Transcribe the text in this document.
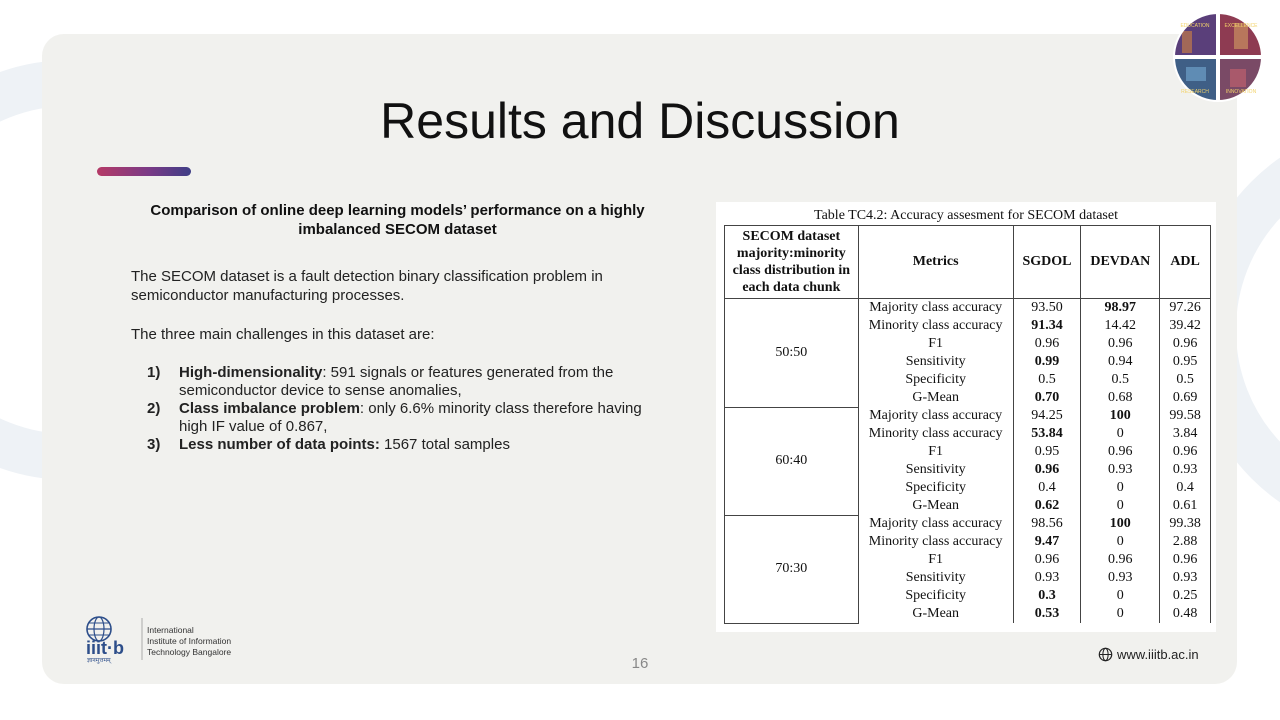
EDUCATION	EXCELLENCE
RESEARCH	INNOVATION
Results and Discussion
Comparison of online deep learning models’ performance on a highly imbalanced SECOM dataset
The SECOM dataset is a fault detection binary classification problem in semiconductor manufacturing processes.
The three main challenges in this dataset are:
1) High-dimensionality: 591 signals or features generated from the semiconductor device to sense anomalies,
2) Class imbalance problem: only 6.6% minority class therefore having high IF value of 0.867,
3) Less number of data points: 1567 total samples
Table TC4.2: Accuracy assesment for SECOM dataset
SECOM dataset majority:minority class distribution in each data chunk	Metrics	SGDOL	DEVDAN	ADL
50:50	Majority class accuracy	93.50	98.97	97.26
	Minority class accuracy	91.34	14.42	39.42
	F1	0.96	0.96	0.96
	Sensitivity	0.99	0.94	0.95
	Specificity	0.5	0.5	0.5
	G-Mean	0.70	0.68	0.69
60:40	Majority class accuracy	94.25	100	99.58
	Minority class accuracy	53.84	0	3.84
	F1	0.95	0.96	0.96
	Sensitivity	0.96	0.93	0.93
	Specificity	0.4	0	0.4
	G-Mean	0.62	0	0.61
70:30	Majority class accuracy	98.56	100	99.38
	Minority class accuracy	9.47	0	2.88
	F1	0.96	0.96	0.96
	Sensitivity	0.93	0.93	0.93
	Specificity	0.3	0	0.25
	G-Mean	0.53	0	0.48
iiit·b
ज्ञानमुत्तमम्
International
Institute of Information
Technology Bangalore
16
www.iiitb.ac.in
